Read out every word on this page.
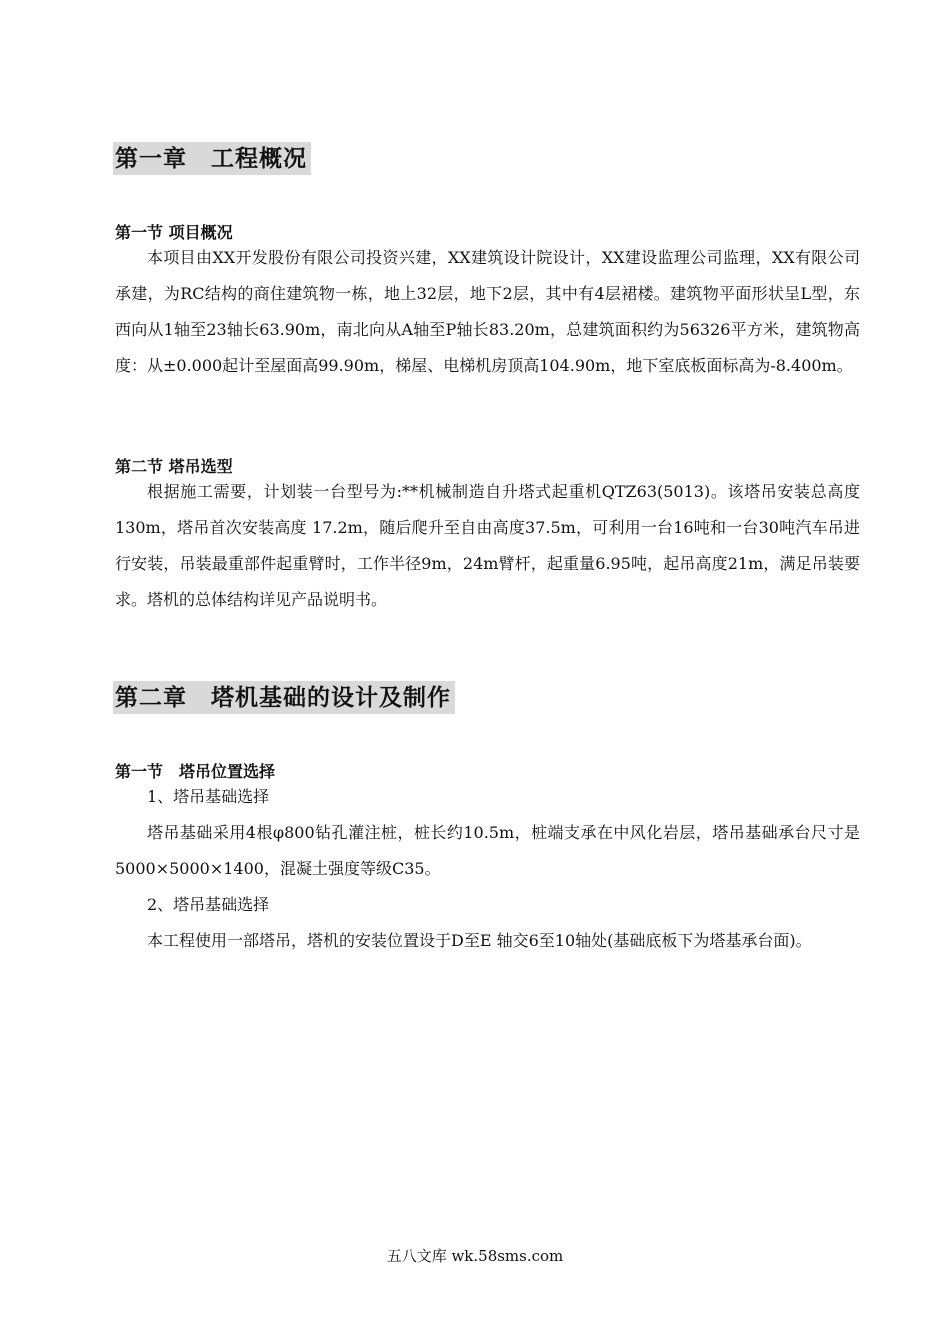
第一章　工程概况
第一节 项目概况

本项目由XX开发股份有限公司投资兴建，XX建筑设计院设计，XX建设监理公司监理，XX有限公司承建，为RC结构的商住建筑物一栋，地上32层，地下2层，其中有4层裙楼。建筑物平面形状呈L型，东西向从1轴至23轴长63.90m，南北向从A轴至P轴长83.20m，总建筑面积约为56326平方米，建筑物高度：从±0.000起计至屋面高99.90m，梯屋、电梯机房顶高104.90m，地下室底板面标高为-8.400m。

第二节 塔吊选型

根据施工需要，计划装一台型号为:**机械制造自升塔式起重机QTZ63(5013)。该塔吊安装总高度 130m，塔吊首次安装高度 17.2m，随后爬升至自由高度37.5m，可利用一台16吨和一台30吨汽车吊进行安装，吊装最重部件起重臂时，工作半径9m，24m臂杆，起重量6.95吨，起吊高度21m，满足吊装要求。塔机的总体结构详见产品说明书。

第二章　塔机基础的设计及制作
第一节　塔吊位置选择
1、塔吊基础选择

塔吊基础采用4根φ800钻孔灌注桩，桩长约10.5m，桩端支承在中风化岩层，塔吊基础承台尺寸是5000×5000×1400，混凝土强度等级C35。

2、塔吊基础选择

本工程使用一部塔吊，塔机的安装位置设于D至E 轴交6至10轴处(基础底板下为塔基承台面)。

五八文库 wk.58sms.com
